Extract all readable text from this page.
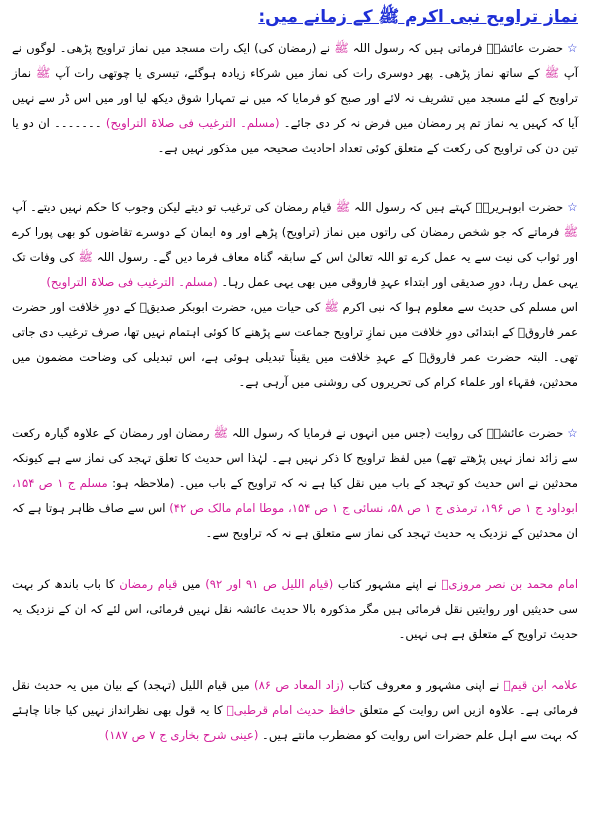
نماز تراویح نبی اکرم ﷺ کے زمانے میں:

☆ حضرت عائشہؓ فرماتی ہیں کہ رسول اللہ ﷺ نے (رمضان کی) ایک رات مسجد میں نماز تراویح پڑھی۔ لوگوں نے آپ ﷺ کے ساتھ نماز پڑھی۔ پھر دوسری رات کی نماز میں شرکاء زیادہ ہوگئے، تیسری یا چوتھی رات آپ ﷺ نماز تراویح کے لئے مسجد میں تشریف نہ لائے اور صبح کو فرمایا کہ میں نے تمہارا شوق دیکھ لیا اور میں اس ڈر سے نہیں آیا کہ کہیں یہ نماز تم پر رمضان میں فرض نہ کر دی جائے۔ (مسلم۔ الترغیب فی صلاۃ التراویح) ۔۔۔۔۔۔۔ ان دو یا تین دن کی تراویح کی رکعت کے متعلق کوئی تعداد احادیث صحیحہ میں مذکور نہیں ہے۔

☆ حضرت ابوہریرہؓ کہتے ہیں کہ رسول اللہ ﷺ قیام رمضان کی ترغیب تو دیتے لیکن وجوب کا حکم نہیں دیتے۔ آپ ﷺ فرماتے کہ جو شخص رمضان کی راتوں میں نماز (تراویح) پڑھے اور وہ ایمان کے دوسرے تقاضوں کو بھی پورا کرے اور ثواب کی نیت سے یہ عمل کرے تو اللہ تعالیٰ اس کے سابقہ گناہ معاف فرما دیں گے۔ رسول اللہ ﷺ کی وفات تک یہی عمل رہا، دورِ صدیقی اور ابتداء عہدِ فاروقی میں بھی یہی عمل رہا۔ (مسلم۔ الترغیب فی صلاۃ التراویح)

اس مسلم کی حدیث سے معلوم ہوا کہ نبی اکرم ﷺ کی حیات میں، حضرت ابوبکر صدیقؓ کے دورِ خلافت اور حضرت عمر فاروقؓ کے ابتدائی دورِ خلافت میں نمازِ تراویح جماعت سے پڑھنے کا کوئی اہتمام نہیں تھا، صرف ترغیب دی جاتی تھی۔ البتہ حضرت عمر فاروقؓ کے عہدِ خلافت میں یقیناً تبدیلی ہوئی ہے، اس تبدیلی کی وضاحت مضمون میں محدثین، فقہاء اور علماء کرام کی تحریروں کی روشنی میں آرہی ہے۔

☆ حضرت عائشہؓ کی روایت (جس میں انہوں نے فرمایا کہ رسول اللہ ﷺ رمضان اور رمضان کے علاوہ گیارہ رکعت سے زائد نماز نہیں پڑھتے تھے) میں لفظ تراویح کا ذکر نہیں ہے۔ لہٰذا اس حدیث کا تعلق تہجد کی نماز سے ہے کیونکہ محدثین نے اس حدیث کو تہجد کے باب میں نقل کیا ہے نہ کہ تراویح کے باب میں۔ (ملاحظہ ہو: مسلم ج ۱ ص ۱۵۴، ابوداود ج ۱ ص ۱۹۶، ترمذی ج ۱ ص ۵۸، نسائی ج ۱ ص ۱۵۴، موطا امام مالک ص ۴۲) اس سے صاف ظاہر ہوتا ہے کہ ان محدثین کے نزدیک یہ حدیث تہجد کی نماز سے متعلق ہے نہ کہ تراویح سے۔

امام محمد بن نصر مروزیؒ نے اپنے مشہور کتاب (قیام اللیل ص ۹۱ اور ۹۲) میں قیام رمضان کا باب باندھ کر بہت سی حدیثیں اور روایتیں نقل فرمائی ہیں مگر مذکورہ بالا حدیث عائشہ نقل نہیں فرمائی، اس لئے کہ ان کے نزدیک یہ حدیث تراویح کے متعلق ہے ہی نہیں۔

علامہ ابن قیمؒ نے اپنی مشہور و معروف کتاب (زاد المعاد ص ۸۶) میں قیام اللیل (تہجد) کے بیان میں یہ حدیث نقل فرمائی ہے۔ علاوہ ازیں اس روایت کے متعلق حافظ حدیث امام قرطبیؒ کا یہ قول بھی نظرانداز نہیں کیا جانا چاہئے کہ بہت سے اہل علم حضرات اس روایت کو مضطرب مانتے ہیں۔ (عینی شرح بخاری ج ۷ ص ۱۸۷)
